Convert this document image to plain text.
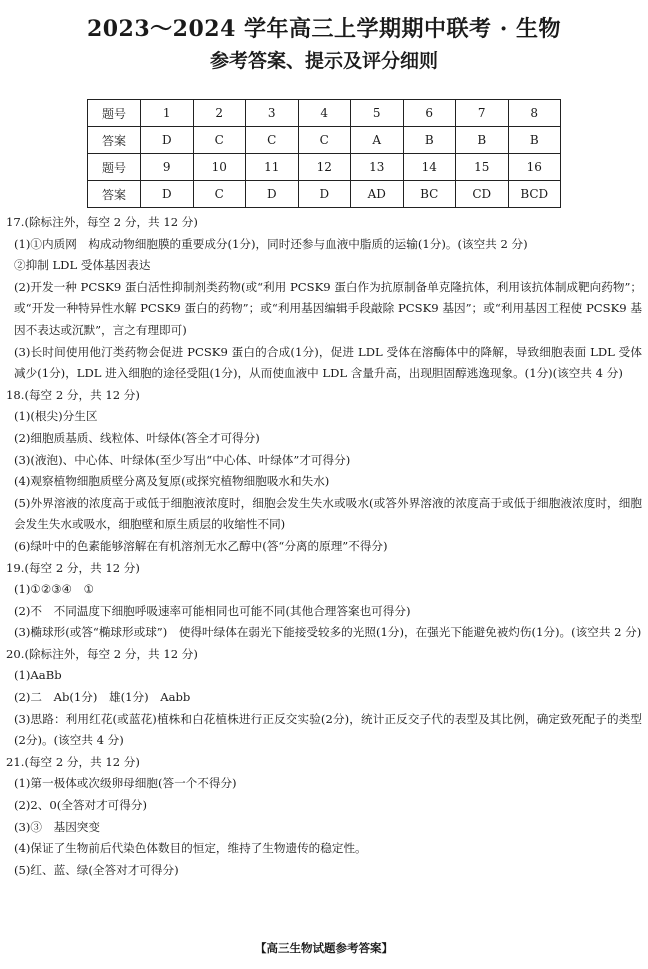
2023～2024 学年高三上学期期中联考 · 生物
参考答案、提示及评分细则
题号	1	2	3	4	5	6	7	8
答案	D	C	C	C	A	B	B	B
题号	9	10	11	12	13	14	15	16
答案	D	C	D	D	AD	BC	CD	BCD
17.(除标注外，每空 2 分，共 12 分)
(1)①内质网　构成动物细胞膜的重要成分(1分)，同时还参与血液中脂质的运输(1分)。(该空共 2 分)
②抑制 LDL 受体基因表达
(2)开发一种 PCSK9 蛋白活性抑制剂类药物(或“利用 PCSK9 蛋白作为抗原制备单克隆抗体，利用该抗体制成靶向药物”；或“开发一种特异性水解 PCSK9 蛋白的药物”；或“利用基因编辑手段敲除 PCSK9 基因”；或“利用基因工程使 PCSK9 基因不表达或沉默”，言之有理即可)
(3)长时间使用他汀类药物会促进 PCSK9 蛋白的合成(1分)，促进 LDL 受体在溶酶体中的降解，导致细胞表面 LDL 受体减少(1分)，LDL 进入细胞的途径受阻(1分)，从而使血液中 LDL 含量升高，出现胆固醇逃逸现象。(1分)(该空共 4 分)
18.(每空 2 分，共 12 分)
(1)(根尖)分生区
(2)细胞质基质、线粒体、叶绿体(答全才可得分)
(3)(液泡)、中心体、叶绿体(至少写出“中心体、叶绿体”才可得分)
(4)观察植物细胞质壁分离及复原(或探究植物细胞吸水和失水)
(5)外界溶液的浓度高于或低于细胞液浓度时，细胞会发生失水或吸水(或答外界溶液的浓度高于或低于细胞液浓度时，细胞会发生失水或吸水，细胞壁和原生质层的收缩性不同)
(6)绿叶中的色素能够溶解在有机溶剂无水乙醇中(答“分离的原理”不得分)
19.(每空 2 分，共 12 分)
(1)①②③④　①
(2)不　不同温度下细胞呼吸速率可能相同也可能不同(其他合理答案也可得分)
(3)椭球形(或答“椭球形或球”)　使得叶绿体在弱光下能接受较多的光照(1分)，在强光下能避免被灼伤(1分)。(该空共 2 分)
20.(除标注外，每空 2 分，共 12 分)
(1)AaBb
(2)二　Ab(1分)　雄(1分)　Aabb
(3)思路：利用红花(或蓝花)植株和白花植株进行正反交实验(2分)，统计正反交子代的表型及其比例，确定致死配子的类型(2分)。(该空共 4 分)
21.(每空 2 分，共 12 分)
(1)第一极体或次级卵母细胞(答一个不得分)
(2)2、0(全答对才可得分)
(3)③　基因突变
(4)保证了生物前后代染色体数目的恒定，维持了生物遗传的稳定性。
(5)红、蓝、绿(全答对才可得分)
【高三生物试题参考答案】
